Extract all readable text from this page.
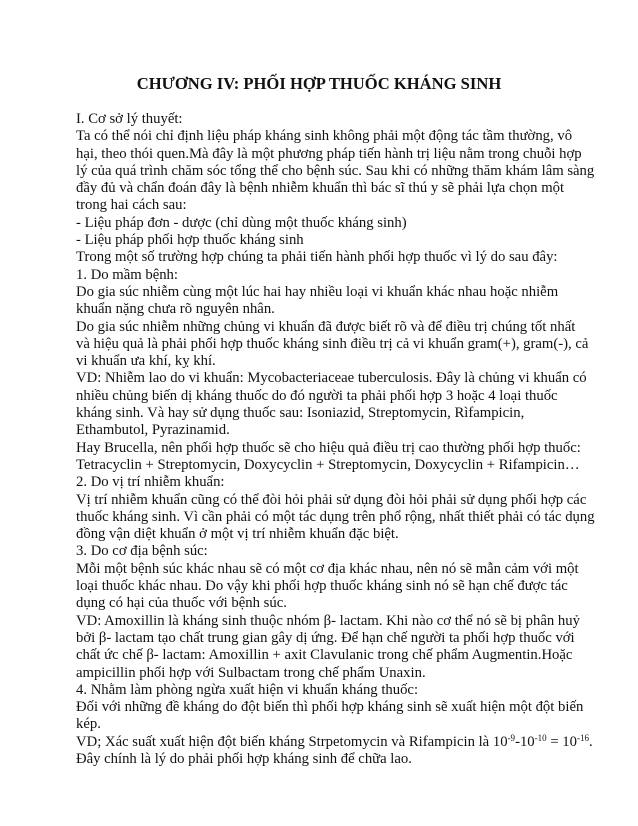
CHƯƠNG IV: PHỐI HỢP THUỐC KHÁNG SINH
I. Cơ sở lý thuyết:
Ta có thể nói chỉ định liệu pháp kháng sinh không phải một động tác tầm thường, vô
hại, theo thói quen.Mà đây là một phương pháp tiến hành trị liệu nằm trong chuỗi hợp
lý của quá trình chăm sóc tổng thể cho bệnh súc. Sau khi có những thăm khám lâm sàng
đầy đủ và chẩn đoán đây là bệnh nhiễm khuẩn thì bác sĩ thú y sẽ phải lựa chọn một
trong hai cách sau:
- Liệu pháp đơn - dược (chỉ dùng một thuốc kháng sinh)
- Liệu pháp phối hợp thuốc kháng sinh
Trong một số trường hợp chúng ta phải tiến hành phối hợp thuốc vì lý do sau đây:
1. Do mầm bệnh:
Do gia súc nhiễm cùng một lúc hai hay nhiều loại vi khuẩn khác nhau hoặc nhiễm
khuẩn nặng chưa rõ nguyên nhân.
Do gia súc nhiễm những chủng vi khuẩn đã được biết rõ và để điều trị chúng tốt nhất
và hiệu quả là phải phối hợp thuốc kháng sinh điều trị cả vi khuẩn gram(+), gram(-), cả
vi khuẩn ưa khí, kỵ khí.
VD: Nhiễm lao do vi khuẩn: Mycobacteriaceae tuberculosis. Đây là chủng vi khuẩn có
nhiều chủng biến dị kháng thuốc do đó người ta phải phối hợp 3 hoặc 4 loại thuốc
kháng sinh. Và hay sử dụng thuốc sau: Isoniazid, Streptomycin, Rìfampicin,
Ethambutol, Pyrazinamid.
Hay Brucella, nên phối hợp thuốc sẽ cho hiệu quả điều trị cao thường phối hợp thuốc:
Tetracyclin + Streptomycin, Doxycyclin + Streptomycin, Doxycyclin + Rifampicin…
2. Do vị trí nhiễm khuẩn:
Vị trí nhiễm khuẩn cũng có thể đòi hỏi phải sử dụng đòi hỏi phải sử dụng phối hợp các
thuốc kháng sinh. Vì cần phải có một tác dụng trên phổ rộng, nhất thiết phải có tác dụng
đồng vận diệt khuẩn ở một vị trí nhiễm khuẩn đặc biệt.
3. Do cơ địa bệnh súc:
Mỗi một bệnh súc khác nhau sẽ có một cơ địa khác nhau, nên nó sẽ mẫn cảm với một
loại thuốc khác nhau. Do vậy khi phối hợp thuốc kháng sinh nó sẽ hạn chế được tác
dụng có hại của thuốc với bệnh súc.
VD: Amoxillin là kháng sinh thuộc nhóm β- lactam. Khi nào cơ thể nó sẽ bị phân huỷ
bởi β- lactam tạo chất trung gian gây dị ứng. Để hạn chế người ta phối hợp thuốc với
chất ức chế β- lactam: Amoxillin + axit Clavulanic trong chế phẩm Augmentin.Hoặc
ampicillin phối hợp với Sulbactam trong chế phẩm Unaxin.
4. Nhằm làm phòng ngừa xuất hiện vi khuẩn kháng thuốc:
Đối với những đề kháng do đột biến thì phối hợp kháng sinh sẽ xuất hiện một đột biến
kép.
VD; Xác suất xuất hiện đột biến kháng Strpetomycin và Rifampicin là $10^{-9}-10^{-10} = 10^{-16}$.
Đây chính là lý do phải phối hợp kháng sinh để chữa lao.
